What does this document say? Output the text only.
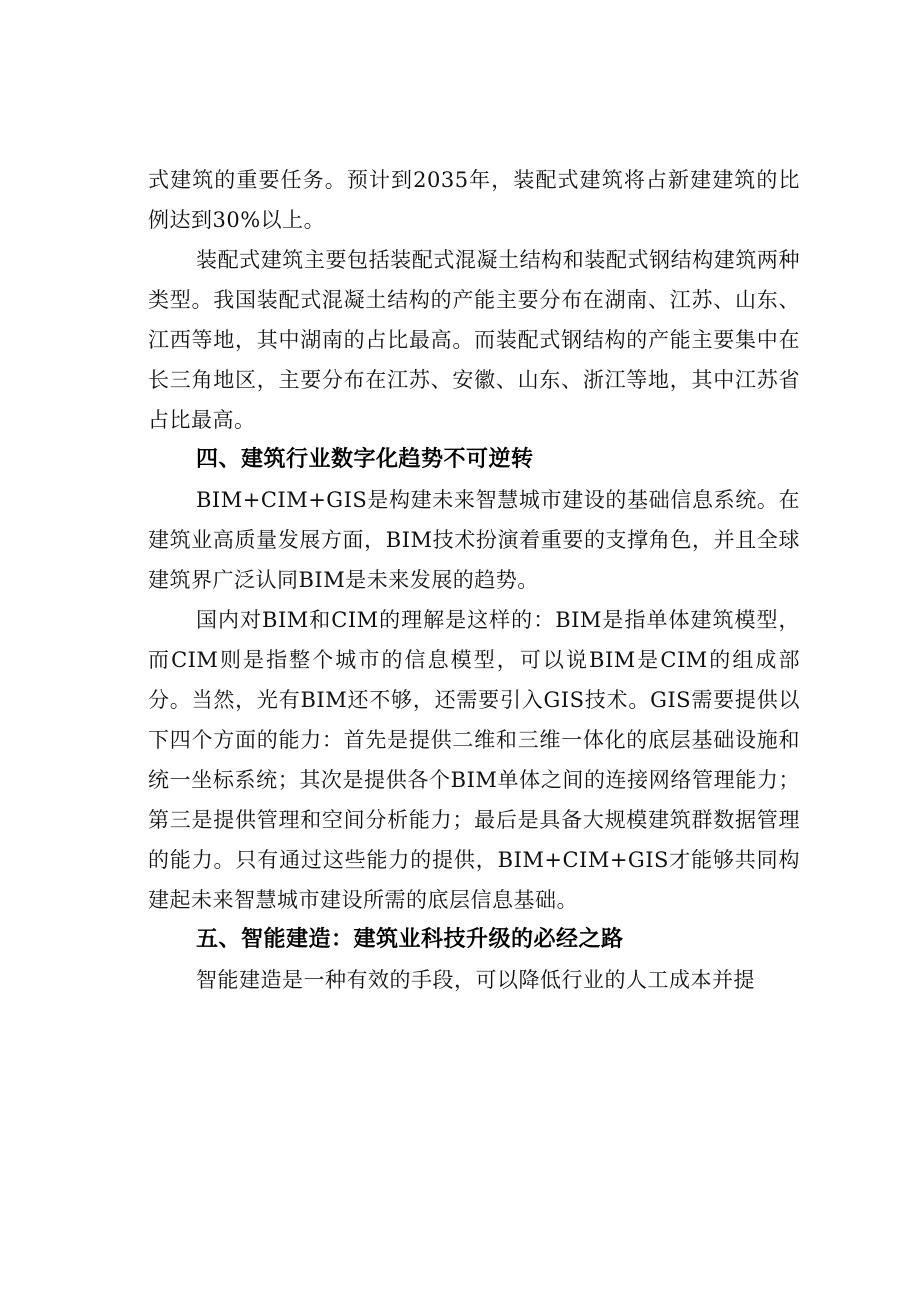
式建筑的重要任务。预计到2035年，装配式建筑将占新建建筑的比例达到30%以上。

装配式建筑主要包括装配式混凝土结构和装配式钢结构建筑两种类型。我国装配式混凝土结构的产能主要分布在湖南、江苏、山东、江西等地，其中湖南的占比最高。而装配式钢结构的产能主要集中在长三角地区，主要分布在江苏、安徽、山东、浙江等地，其中江苏省占比最高。

四、建筑行业数字化趋势不可逆转

BIM+CIM+GIS是构建未来智慧城市建设的基础信息系统。在建筑业高质量发展方面，BIM技术扮演着重要的支撑角色，并且全球建筑界广泛认同BIM是未来发展的趋势。

国内对BIM和CIM的理解是这样的：BIM是指单体建筑模型，而CIM则是指整个城市的信息模型，可以说BIM是CIM的组成部分。当然，光有BIM还不够，还需要引入GIS技术。GIS需要提供以下四个方面的能力：首先是提供二维和三维一体化的底层基础设施和统一坐标系统；其次是提供各个BIM单体之间的连接网络管理能力；第三是提供管理和空间分析能力；最后是具备大规模建筑群数据管理的能力。只有通过这些能力的提供，BIM+CIM+GIS才能够共同构建起未来智慧城市建设所需的底层信息基础。

五、智能建造：建筑业科技升级的必经之路

智能建造是一种有效的手段，可以降低行业的人工成本并提
